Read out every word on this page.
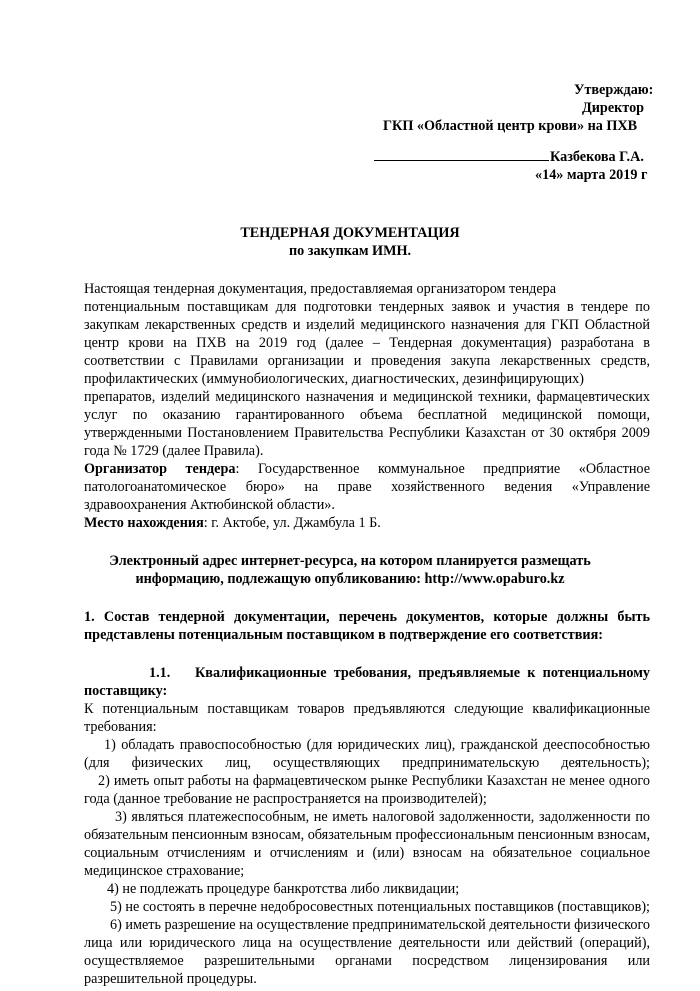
Утверждаю:
Директор
ГКП «Областной центр крови» на ПХВ
Казбекова Г.А.
«14» марта 2019 г
ТЕНДЕРНАЯ ДОКУМЕНТАЦИЯ
по закупкам ИМН.
Настоящая тендерная документация, предоставляемая организатором тендера
потенциальным поставщикам для подготовки тендерных заявок и участия в тендере по
закупкам лекарственных средств и изделий медицинского назначения для ГКП Областной
центр крови на ПХВ на 2019 год (далее – Тендерная документация) разработана в
соответствии с Правилами организации и проведения закупа лекарственных средств,
профилактических (иммунобиологических, диагностических, дезинфицирующих)
препаратов, изделий медицинского назначения и медицинской техники, фармацевтических
услуг по оказанию гарантированного объема бесплатной медицинской помощи,
утвержденными Постановлением Правительства Республики Казахстан от 30 октября 2009
года № 1729 (далее Правила).
Организатор тендера: Государственное коммунальное предприятие «Областное
патологоанатомическое бюро» на праве хозяйственного ведения «Управление
здравоохранения Актюбинской области».
Место нахождения: г. Актобе, ул. Джамбула 1 Б.
Электронный адрес интернет-ресурса, на котором планируется размещать
информацию, подлежащую опубликованию: http://www.opaburo.kz
1. Состав тендерной документации, перечень документов, которые должны быть
представлены потенциальным поставщиком в подтверждение его соответствия:
1.1. Квалификационные требования, предъявляемые к потенциальному
поставщику:
К потенциальным поставщикам товаров предъявляются следующие квалификационные
требования:
1) обладать правоспособностью (для юридических лиц), гражданской дееспособностью
(для физических лиц, осуществляющих предпринимательскую деятельность);
2) иметь опыт работы на фармацевтическом рынке Республики Казахстан не менее одного
года (данное требование не распространяется на производителей);
3) являться платежеспособным, не иметь налоговой задолженности, задолженности по
обязательным пенсионным взносам, обязательным профессиональным пенсионным взносам,
социальным отчислениям и отчислениям и (или) взносам на обязательное социальное
медицинское страхование;
4) не подлежать процедуре банкротства либо ликвидации;
5) не состоять в перечне недобросовестных потенциальных поставщиков (поставщиков);
6) иметь разрешение на осуществление предпринимательской деятельности физического
лица или юридического лица на осуществление деятельности или действий (операций),
осуществляемое разрешительными органами посредством лицензирования или
разрешительной процедуры.
